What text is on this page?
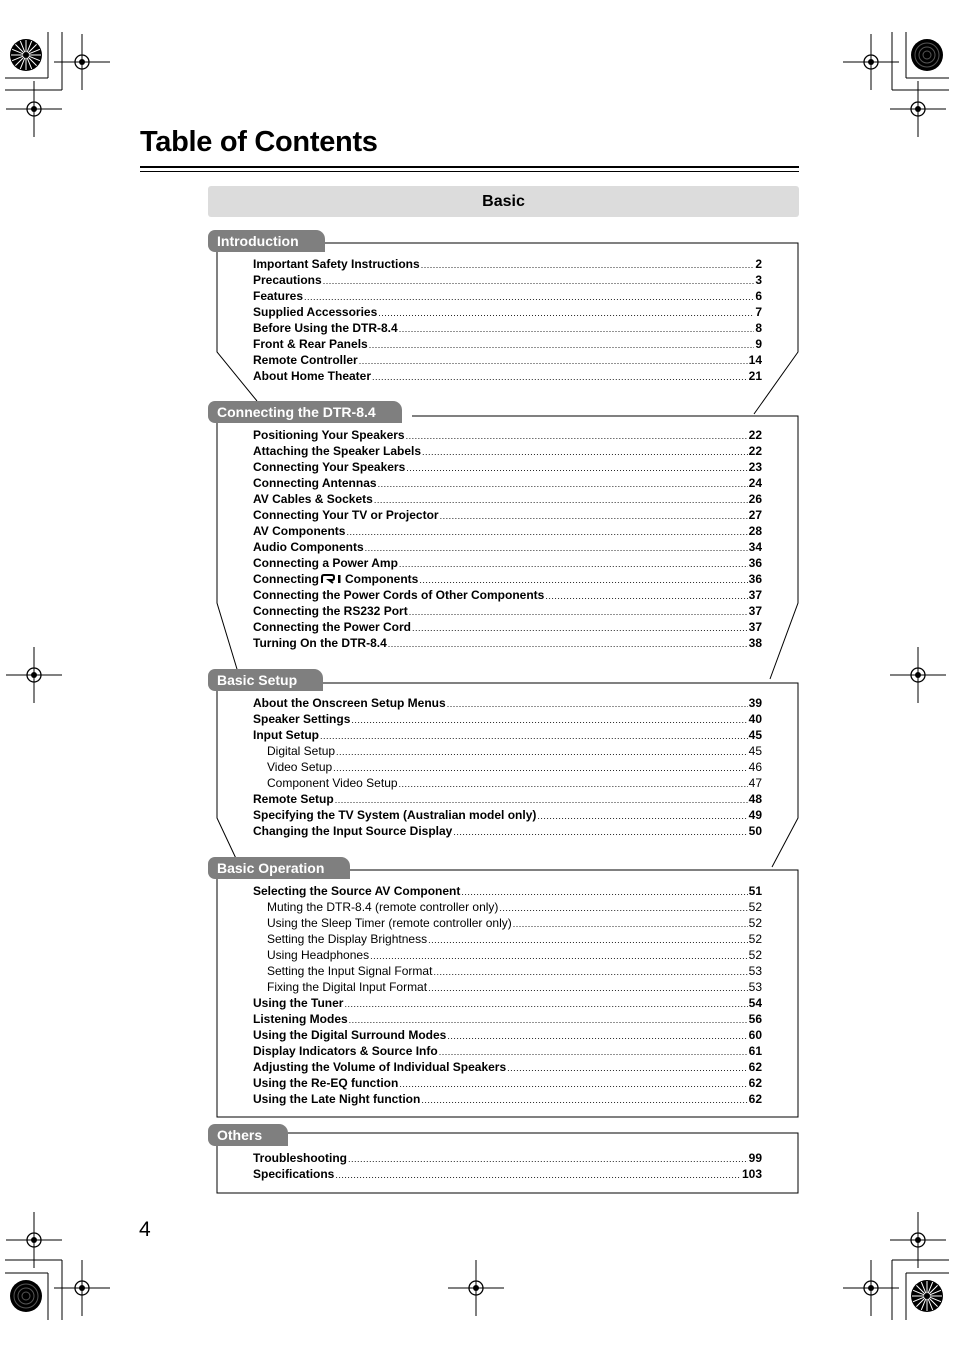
Table of Contents
Basic
Introduction
Important Safety Instructions .....	2
Precautions .....	3
Features .....	6
Supplied Accessories .....	7
Before Using the DTR-8.4 .....	8
Front & Rear Panels .....	9
Remote Controller .....	14
About Home Theater .....	21
Connecting the DTR-8.4
Positioning Your Speakers .....	22
Attaching the Speaker Labels .....	22
Connecting Your Speakers .....	23
Connecting Antennas .....	24
AV Cables & Sockets .....	26
Connecting Your TV or Projector .....	27
AV Components .....	28
Audio Components .....	34
Connecting a Power Amp .....	36
Connecting Components .....	36
Connecting the Power Cords of Other Components .....	37
Connecting the RS232 Port .....	37
Connecting the Power Cord .....	37
Turning On the DTR-8.4 .....	38
Basic Setup
About the Onscreen Setup Menus .....	39
Speaker Settings .....	40
Input Setup .....	45
Digital Setup .....	45
Video Setup .....	46
Component Video Setup .....	47
Remote Setup .....	48
Specifying the TV System (Australian model only) .....	49
Changing the Input Source Display .....	50
Basic Operation
Selecting the Source AV Component .....	51
Muting the DTR-8.4 (remote controller only) .....	52
Using the Sleep Timer (remote controller only) .....	52
Setting the Display Brightness .....	52
Using Headphones .....	52
Setting the Input Signal Format .....	53
Fixing the Digital Input Format .....	53
Using the Tuner .....	54
Listening Modes .....	56
Using the Digital Surround Modes .....	60
Display Indicators & Source Info .....	61
Adjusting the Volume of Individual Speakers .....	62
Using the Re-EQ function .....	62
Using the Late Night function .....	62
Others
Troubleshooting .....	99
Specifications .....	103
4
